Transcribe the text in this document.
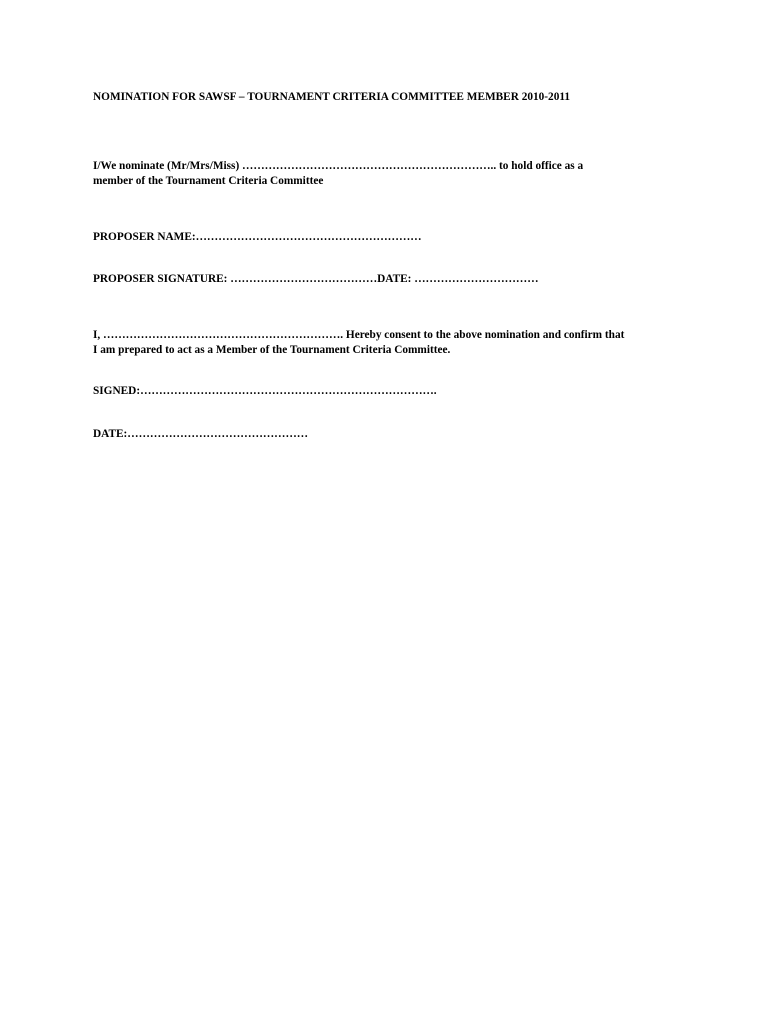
NOMINATION FOR SAWSF – TOURNAMENT CRITERIA COMMITTEE MEMBER 2010-2011
I/We nominate (Mr/Mrs/Miss) ………………………………………………………….. to hold office as a
member of the Tournament Criteria Committee
PROPOSER NAME:……………………………………………………
PROPOSER SIGNATURE: …………………………………DATE: ……………………………
I, ………………………………………………………. Hereby consent to the above nomination and confirm that
I am prepared to act as a Member of the Tournament Criteria Committee.
SIGNED:…………………………………………………………………….
DATE:…………………………………………
